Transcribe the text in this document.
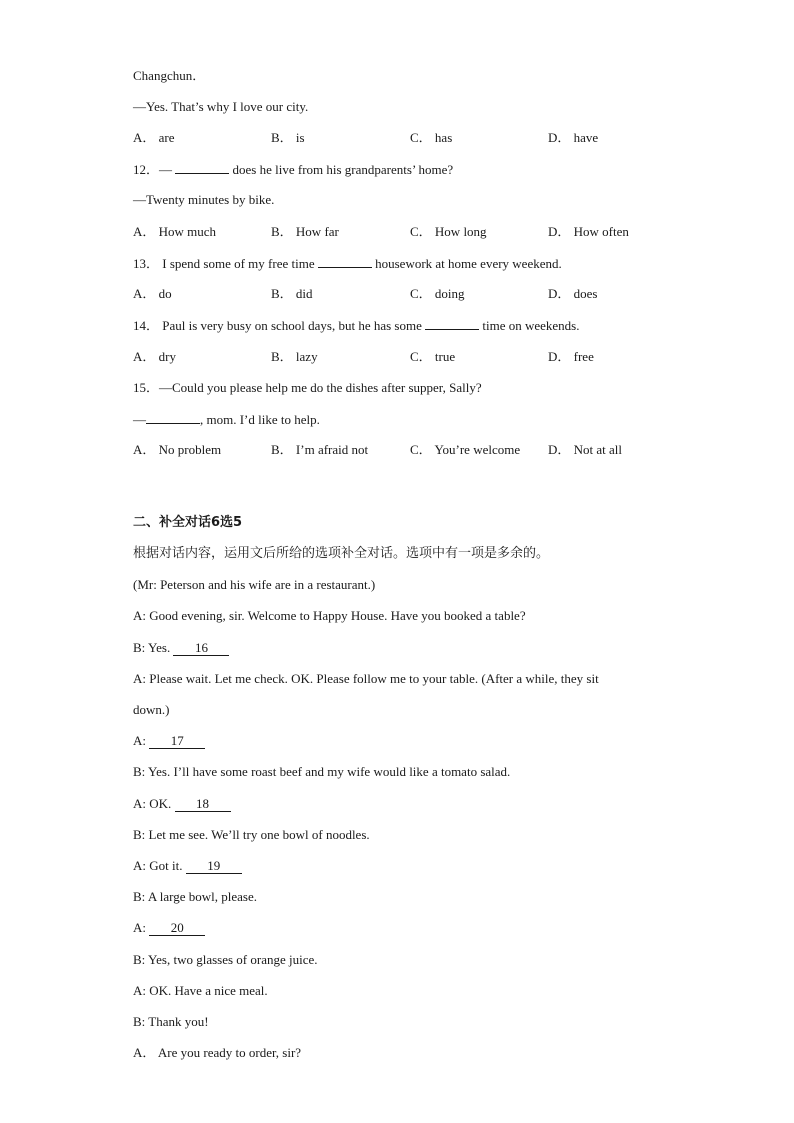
Changchun．
—Yes. That’s why I love our city.
A． are	B． is	C． has	D． have
12．—	does he live from his grandparents’ home?
—Twenty minutes by bike.
A． How much	B． How far	C． How long	D． How often
13． I spend some of my free time	housework at home every weekend.
A． do	B． did	C． doing	D． does
14． Paul is very busy on school days, but he has some	time on weekends.
A． dry	B． lazy	C． true	D． free
15．—Could you please help me do the dishes after supper, Sally?
—	, mom. I’d like to help.
A． No problem	B． I’m afraid not	C． You’re welcome D． Not at all
二、补全对话6选5
根据对话内容，运用文后所给的选项补全对话。选项中有一项是多余的。
(Mr: Peterson and his wife are in a restaurant.)
A: Good evening, sir. Welcome to Happy House. Have you booked a table?
B: Yes. 16
A: Please wait. Let me check. OK. Please follow me to your table. (After a while, they sit
down.)
A: 17
B: Yes. I’ll have some roast beef and my wife would like a tomato salad.
A: OK. 18
B: Let me see. We’ll try one bowl of noodles.
A: Got it. 19
B: A large bowl, please.
A: 20
B: Yes, two glasses of orange juice.
A: OK. Have a nice meal.
B: Thank you!
A． Are you ready to order, sir?
